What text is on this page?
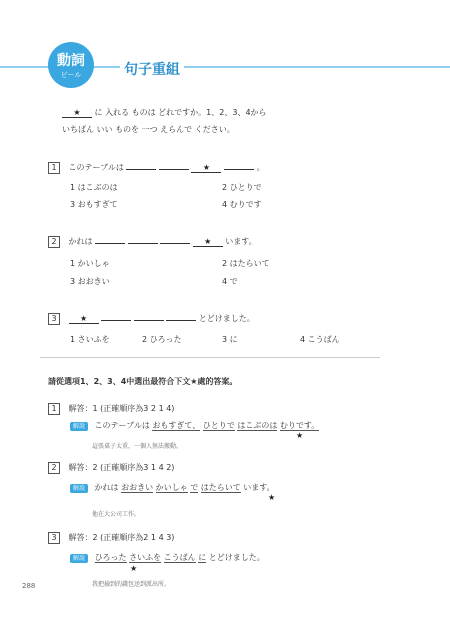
動詞
ビール	句子重組
★ に 入れる ものは どれですか。1、2、3、4から
いちばん いい ものを 一つ えらんで ください。
1 このテーブルは	★	。
1 はこぶのは	2 ひとりで
3 おもすぎて	4 むりです
2 かれは	★ います。
1 かいしゃ	2 はたらいて
3 おおきい	4 で
3	★	とどけました。
1 さいふを	2 ひろった	3 に	4 こうばん
請從選項1、2、3、4中選出最符合下文★處的答案。
1 解答：1 (正確順序為3 2 1 4)
解說 このテーブルは おもすぎて、 ひとりで はこぶのは むりです。
★
這張桌子太重，一個人無法搬動。
2 解答：2 (正確順序為3 1 4 2)
解說 かれは おおきい かいしゃ で はたらいて います。
★
他在大公司工作。
3 解答：2 (正確順序為2 1 4 3)
解說 ひろった さいふを こうばん に とどけました。
★
我把撿到的錢包送到派出所。
288
